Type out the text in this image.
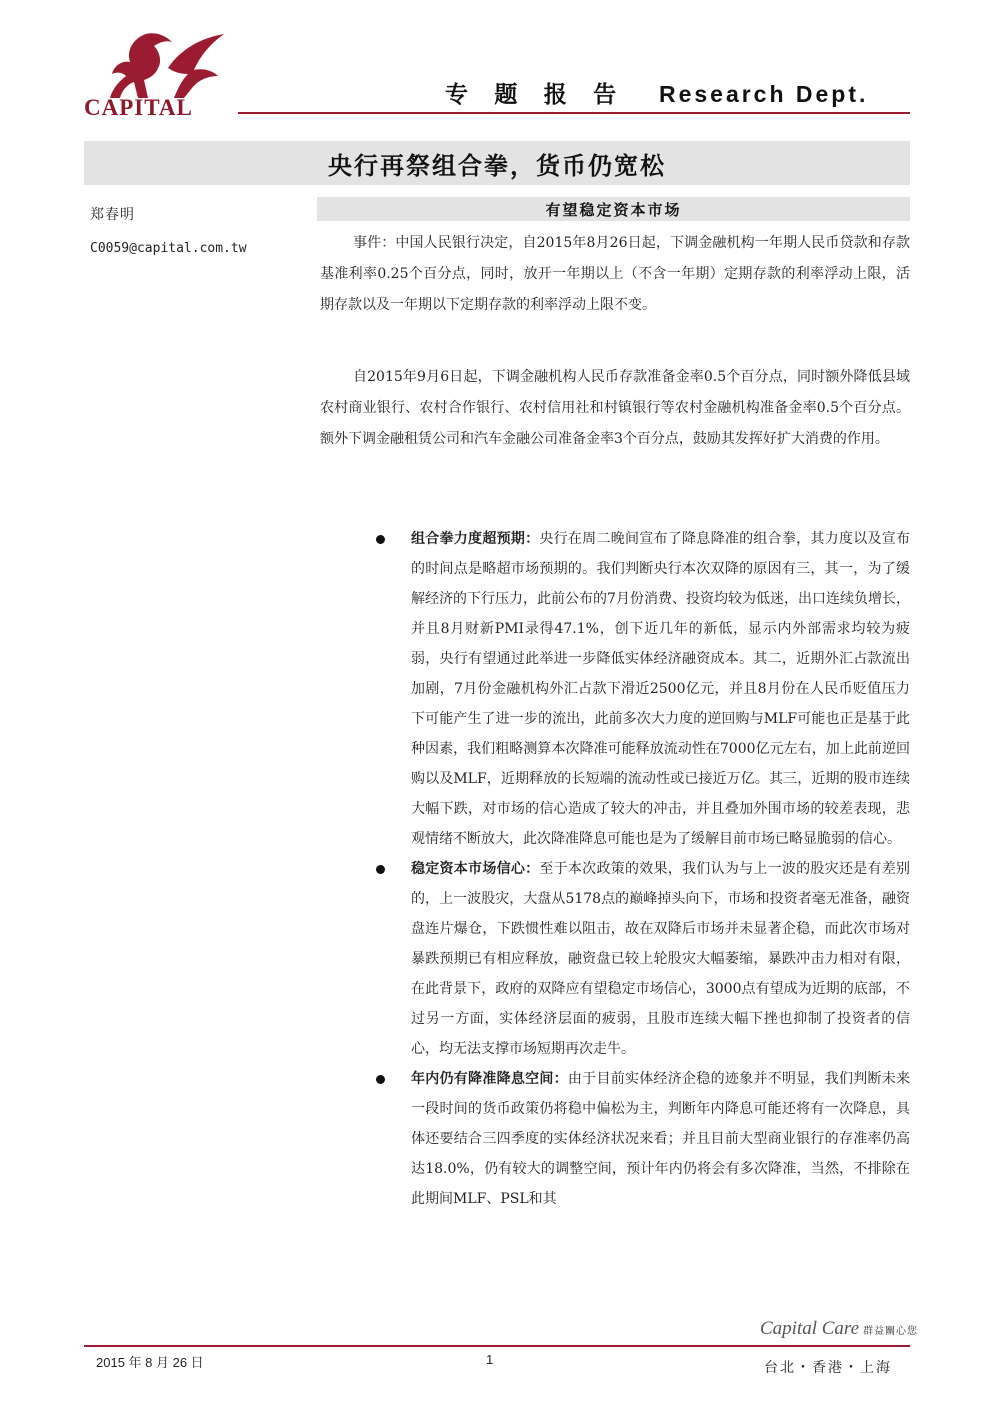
CAPITAL
专 题 报 告 Research Dept.
央行再祭组合拳，货币仍宽松
郑春明
C0059@capital.com.tw
有望稳定资本市场
事件：中国人民银行决定，自2015年8月26日起，下调金融机构一年期人民币贷款和存款基准利率0.25个百分点，同时，放开一年期以上（不含一年期）定期存款的利率浮动上限，活期存款以及一年期以下定期存款的利率浮动上限不变。
自2015年9月6日起，下调金融机构人民币存款准备金率0.5个百分点，同时额外降低县域农村商业银行、农村合作银行、农村信用社和村镇银行等农村金融机构准备金率0.5个百分点。额外下调金融租赁公司和汽车金融公司准备金率3个百分点，鼓励其发挥好扩大消费的作用。
组合拳力度超预期：央行在周二晚间宣布了降息降准的组合拳，其力度以及宣布的时间点是略超市场预期的。我们判断央行本次双降的原因有三，其一，为了缓解经济的下行压力，此前公布的7月份消费、投资均较为低迷，出口连续负增长，并且8月财新PMI录得47.1%，创下近几年的新低，显示内外部需求均较为疲弱，央行有望通过此举进一步降低实体经济融资成本。其二，近期外汇占款流出加剧，7月份金融机构外汇占款下滑近2500亿元，并且8月份在人民币贬值压力下可能产生了进一步的流出，此前多次大力度的逆回购与MLF可能也正是基于此种因素，我们粗略测算本次降准可能释放流动性在7000亿元左右，加上此前逆回购以及MLF，近期释放的长短端的流动性或已接近万亿。其三，近期的股市连续大幅下跌，对市场的信心造成了较大的冲击，并且叠加外围市场的较差表现，悲观情绪不断放大，此次降准降息可能也是为了缓解目前市场已略显脆弱的信心。
稳定资本市场信心：至于本次政策的效果，我们认为与上一波的股灾还是有差别的，上一波股灾，大盘从5178点的巅峰掉头向下，市场和投资者毫无准备，融资盘连片爆仓，下跌惯性难以阻击，故在双降后市场并未显著企稳，而此次市场对暴跌预期已有相应释放，融资盘已较上轮股灾大幅萎缩，暴跌冲击力相对有限，在此背景下，政府的双降应有望稳定市场信心，3000点有望成为近期的底部，不过另一方面，实体经济层面的疲弱，且股市连续大幅下挫也抑制了投资者的信心，均无法支撑市场短期再次走牛。
年内仍有降准降息空间：由于目前实体经济企稳的迹象并不明显，我们判断未来一段时间的货币政策仍将稳中偏松为主，判断年内降息可能还将有一次降息，具体还要结合三四季度的实体经济状况来看；并且目前大型商业银行的存准率仍高达18.0%，仍有较大的调整空间，预计年内仍将会有多次降准，当然，不排除在此期间MLF、PSL和其
Capital Care 群益關心您
2015 年 8 月 26 日	1
台北・香港・上海
